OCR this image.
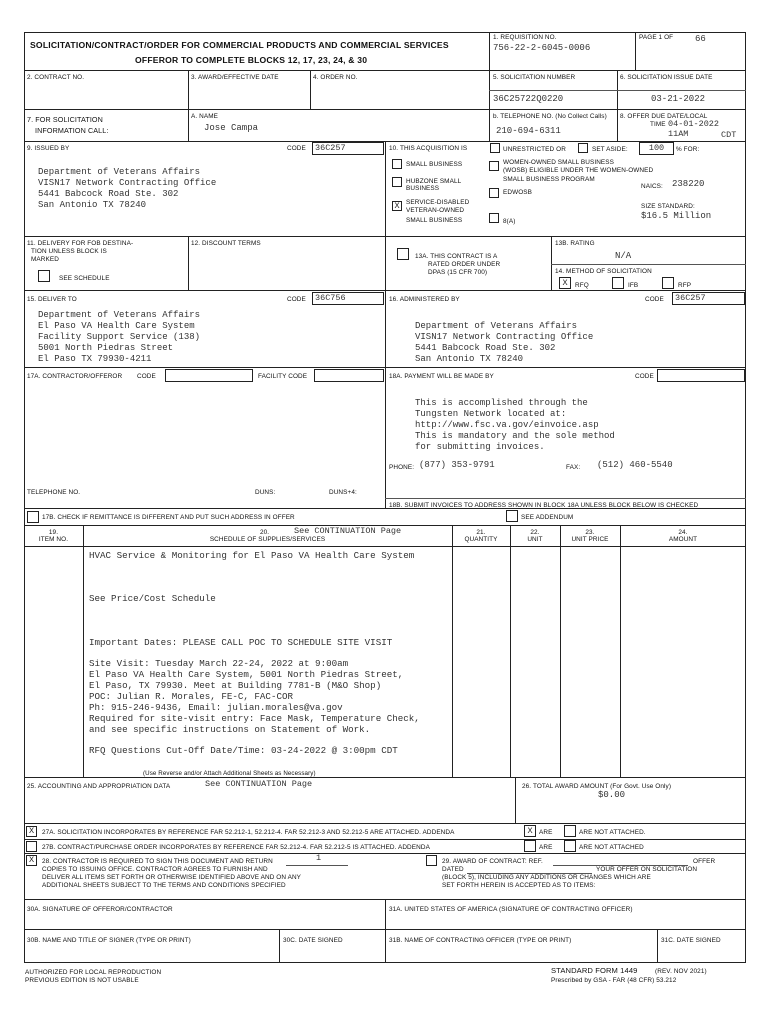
SOLICITATION/CONTRACT/ORDER FOR COMMERCIAL PRODUCTS AND COMMERCIAL SERVICES
OFFEROR TO COMPLETE BLOCKS 12, 17, 23, 24, & 30
1. REQUISITION NO.
756-22-2-6045-0006
PAGE 1 OF 66
2. CONTRACT NO.	3. AWARD/EFFECTIVE DATE	4. ORDER NO.	5. SOLICITATION NUMBER
36C25722Q0220
6. SOLICITATION ISSUE DATE
03-21-2022
7. FOR SOLICITATION
INFORMATION CALL:
A. NAME
Jose Campa
b. TELEPHONE NO. (No Collect Calls)
210-694-6311
8. OFFER DUE DATE/LOCAL
TIME 04-01-2022
11AM	CDT
9. ISSUED BY	CODE	36C257
Department of Veterans Affairs
VISN17 Network Contracting Office
5441 Babcock Road Ste. 302
San Antonio TX 78240
10. THIS ACQUISITION IS	UNRESTRICTED OR	SET ASIDE:	100	% FOR:
SMALL BUSINESS
HUBZONE SMALL
BUSINESS
X	SERVICE-DISABLED
VETERAN-OWNED
SMALL BUSINESS
WOMEN-OWNED SMALL BUSINESS
(WOSB) ELIGIBLE UNDER THE WOMEN-OWNED
SMALL BUSINESS PROGRAM
EDWOSB
8(A)
NAICS: 238220
SIZE STANDARD:
$16.5 Million
11. DELIVERY FOR FOB DESTINA-
TION UNLESS BLOCK IS
MARKED
SEE SCHEDULE
12. DISCOUNT TERMS
13A. THIS CONTRACT IS A
RATED ORDER UNDER
DPAS (15 CFR 700)
13B. RATING
N/A
14. METHOD OF SOLICITATION
X	RFQ	IFB	RFP
15. DELIVER TO	CODE	36C756
Department of Veterans Affairs
El Paso VA Health Care System
Facility Support Service (138)
5001 North Piedras Street
El Paso TX 79930-4211
16. ADMINISTERED BY	CODE	36C257
Department of Veterans Affairs
VISN17 Network Contracting Office
5441 Babcock Road Ste. 302
San Antonio TX 78240
17A. CONTRACTOR/OFFEROR CODE	FACILITY CODE
TELEPHONE NO.	DUNS:	DUNS+4:
17B. CHECK IF REMITTANCE IS DIFFERENT AND PUT SUCH ADDRESS IN OFFER
18A. PAYMENT WILL BE MADE BY	CODE
This is accomplished through the
Tungsten Network located at:
http://www.fsc.va.gov/einvoice.asp
This is mandatory and the sole method
for submitting invoices.
PHONE: (877) 353-9791	FAX: (512) 460-5540
18B. SUBMIT INVOICES TO ADDRESS SHOWN IN BLOCK 18A UNLESS BLOCK BELOW IS CHECKED
SEE ADDENDUM
19.
ITEM NO.
20.	See CONTINUATION Page
SCHEDULE OF SUPPLIES/SERVICES
21.
QUANTITY
22.
UNIT
23.
UNIT PRICE
24.
AMOUNT
HVAC Service & Monitoring for El Paso VA Health Care System
See Price/Cost Schedule
Important Dates: PLEASE CALL POC TO SCHEDULE SITE VISIT
Site Visit: Tuesday March 22-24, 2022 at 9:00am
El Paso VA Health Care System, 5001 North Piedras Street,
El Paso, TX 79930. Meet at Building 7781-B (M&O Shop)
POC: Julian R. Morales, FE-C, FAC-COR
Ph: 915-246-9436, Email: julian.morales@va.gov
Required for site-visit entry: Face Mask, Temperature Check,
and see specific instructions on Statement of Work.
RFQ Questions Cut-Off Date/Time: 03-24-2022 @ 3:00pm CDT
(Use Reverse and/or Attach Additional Sheets as Necessary)
25. ACCOUNTING AND APPROPRIATION DATA	See CONTINUATION Page	26. TOTAL AWARD AMOUNT (For Govt. Use Only)
$0.00
X	27A. SOLICITATION INCORPORATES BY REFERENCE FAR 52.212-1, 52.212-4. FAR 52.212-3 AND 52.212-5 ARE ATTACHED. ADDENDA	X	ARE	ARE NOT ATTACHED.
27B. CONTRACT/PURCHASE ORDER INCORPORATES BY REFERENCE FAR 52.212-4. FAR 52.212-5 IS ATTACHED. ADDENDA	ARE	ARE NOT ATTACHED
X	28. CONTRACTOR IS REQUIRED TO SIGN THIS DOCUMENT AND RETURN	1
COPIES TO ISSUING OFFICE. CONTRACTOR AGREES TO FURNISH AND
DELIVER ALL ITEMS SET FORTH OR OTHERWISE IDENTIFIED ABOVE AND ON ANY
ADDITIONAL SHEETS SUBJECT TO THE TERMS AND CONDITIONS SPECIFIED
29. AWARD OF CONTRACT: REF.	OFFER
DATED	YOUR OFFER ON SOLICITATION
(BLOCK 5), INCLUDING ANY ADDITIONS OR CHANGES WHICH ARE
SET FORTH HEREIN IS ACCEPTED AS TO ITEMS:
30A. SIGNATURE OF OFFEROR/CONTRACTOR	31A. UNITED STATES OF AMERICA (SIGNATURE OF CONTRACTING OFFICER)
30B. NAME AND TITLE OF SIGNER (TYPE OR PRINT)	30C. DATE SIGNED	31B. NAME OF CONTRACTING OFFICER (TYPE OR PRINT)	31C. DATE SIGNED
AUTHORIZED FOR LOCAL REPRODUCTION
PREVIOUS EDITION IS NOT USABLE
STANDARD FORM 1449	(REV. NOV 2021)
Prescribed by GSA - FAR (48 CFR) 53.212
